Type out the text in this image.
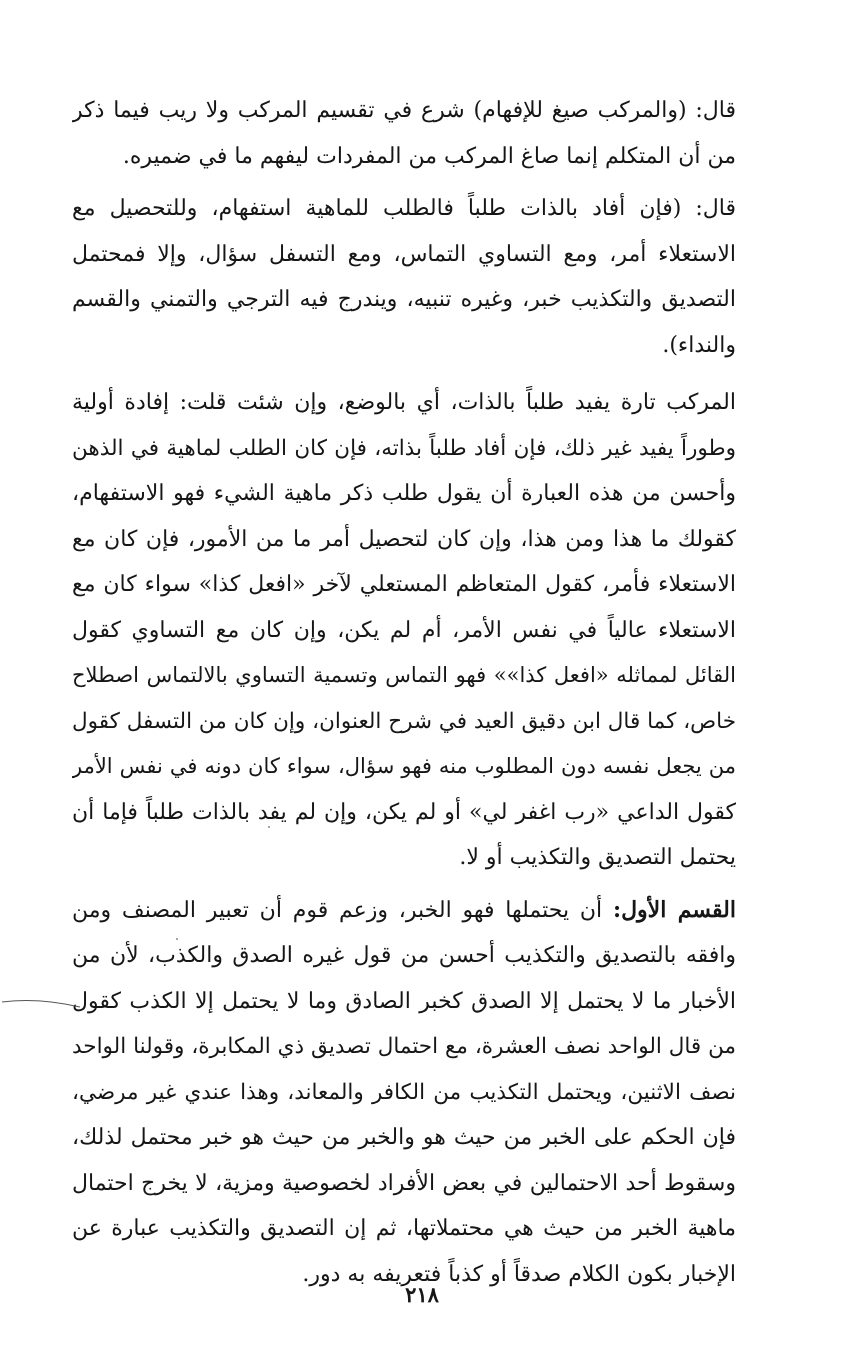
قال: (والمركب صيغ للإفهام) شرع في تقسيم المركب ولا ريب فيما ذكر
من أن المتكلم إنما صاغ المركب من المفردات ليفهم ما في ضميره.
قال: (فإن أفاد بالذات طلباً فالطلب للماهية استفهام، وللتحصيل مع
الاستعلاء أمر، ومع التساوي التماس، ومع التسفل سؤال، وإلا فمحتمل
التصديق والتكذيب خبر، وغيره تنبيه، ويندرج فيه الترجي والتمني والقسم
والنداء).
المركب تارة يفيد طلباً بالذات، أي بالوضع، وإن شئت قلت: إفادة أولية
وطوراً يفيد غير ذلك، فإن أفاد طلباً بذاته، فإن كان الطلب لماهية في الذهن
وأحسن من هذه العبارة أن يقول طلب ذكر ماهية الشيء فهو الاستفهام،
كقولك ما هذا ومن هذا، وإن كان لتحصيل أمر ما من الأمور، فإن كان مع
الاستعلاء فأمر، كقول المتعاظم المستعلي لآخر «افعل كذا» سواء كان مع
الاستعلاء عالياً في نفس الأمر، أم لم يكن، وإن كان مع التساوي كقول
القائل لمماثله «افعل كذا»» فهو التماس وتسمية التساوي بالالتماس اصطلاح
خاص، كما قال ابن دقيق العيد في شرح العنوان، وإن كان من التسفل كقول
من يجعل نفسه دون المطلوب منه فهو سؤال، سواء كان دونه في نفس الأمر
كقول الداعي «رب اغفر لي» أو لم يكن، وإن لم يفد بالذات طلباً فإما أن
يحتمل التصديق والتكذيب أو لا.
القسم الأول: أن يحتملها فهو الخبر، وزعم قوم أن تعبير المصنف ومن
وافقه بالتصديق والتكذيب أحسن من قول غيره الصدق والكذب، لأن من
الأخبار ما لا يحتمل إلا الصدق كخبر الصادق وما لا يحتمل إلا الكذب كقول
من قال الواحد نصف العشرة، مع احتمال تصديق ذي المكابرة، وقولنا الواحد
نصف الاثنين، ويحتمل التكذيب من الكافر والمعاند، وهذا عندي غير مرضي،
فإن الحكم على الخبر من حيث هو والخبر من حيث هو خبر محتمل لذلك،
وسقوط أحد الاحتمالين في بعض الأفراد لخصوصية ومزية، لا يخرج احتمال
ماهية الخبر من حيث هي محتملاتها، ثم إن التصديق والتكذيب عبارة عن
الإخبار بكون الكلام صدقاً أو كذباً فتعريفه به دور.
٢١٨
